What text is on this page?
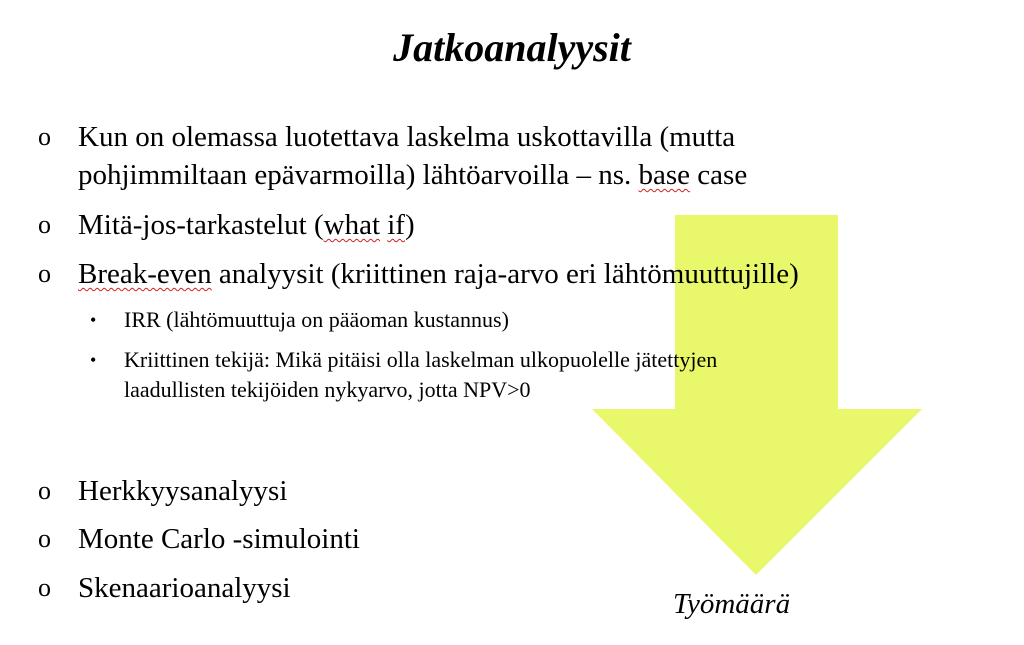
Jatkoanalyysit
o Kun on olemassa luotettava laskelma uskottavilla (mutta
pohjimmiltaan epävarmoilla) lähtöarvoilla – ns. base case
o Mitä-jos-tarkastelut (what if)
o Break-even analyysit (kriittinen raja-arvo eri lähtömuuttujille)
• IRR (lähtömuuttuja on pääoman kustannus)
• Kriittinen tekijä: Mikä pitäisi olla laskelman ulkopuolelle jätettyjen
laadullisten tekijöiden nykyarvo, jotta NPV>0
o Herkkyysanalyysi
o Monte Carlo -simulointi
o Skenaarioanalyysi	Työmäärä
